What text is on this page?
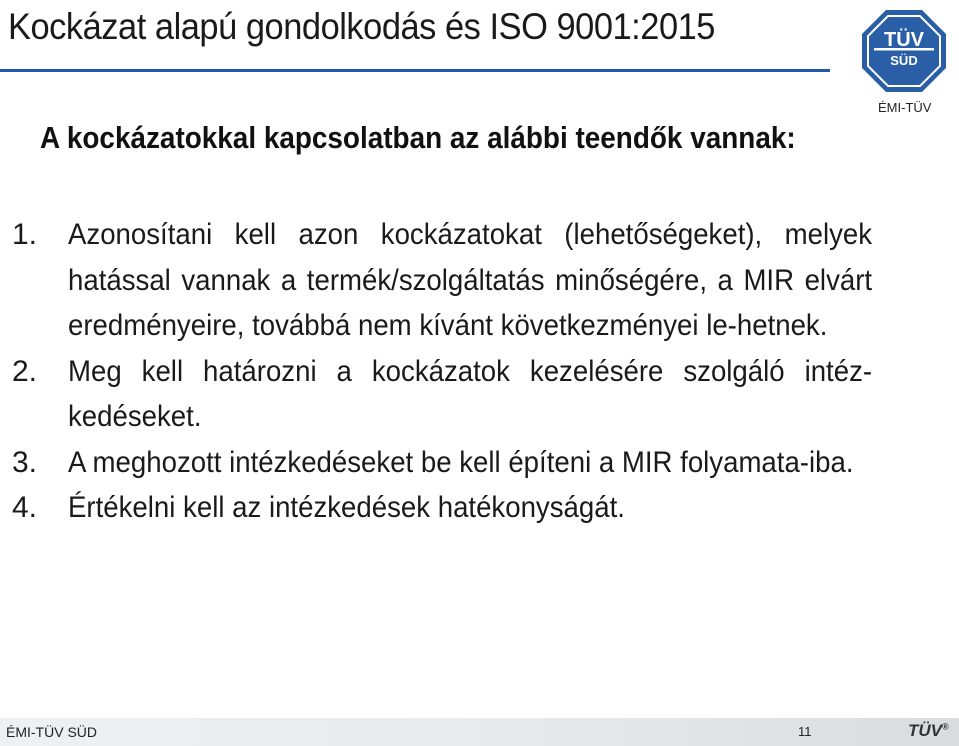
Kockázat alapú gondolkodás és ISO 9001:2015	TÜV
SÜD
ÉMI-TÜV
A kockázatokkal kapcsolatban az alábbi teendők vannak:
1.	Azonosítani kell azon kockázatokat (lehetőségeket), melyek hatással vannak a termék/szolgáltatás minőségére, a MIR elvárt eredményeire, továbbá nem kívánt következményei le-hetnek.
2.	Meg kell határozni a kockázatok kezelésére szolgáló intéz-kedéseket.
3.	A meghozott intézkedéseket be kell építeni a MIR folyamata-iba.
4.	Értékelni kell az intézkedések hatékonyságát.
ÉMI-TÜV SÜD	11	TÜV®
